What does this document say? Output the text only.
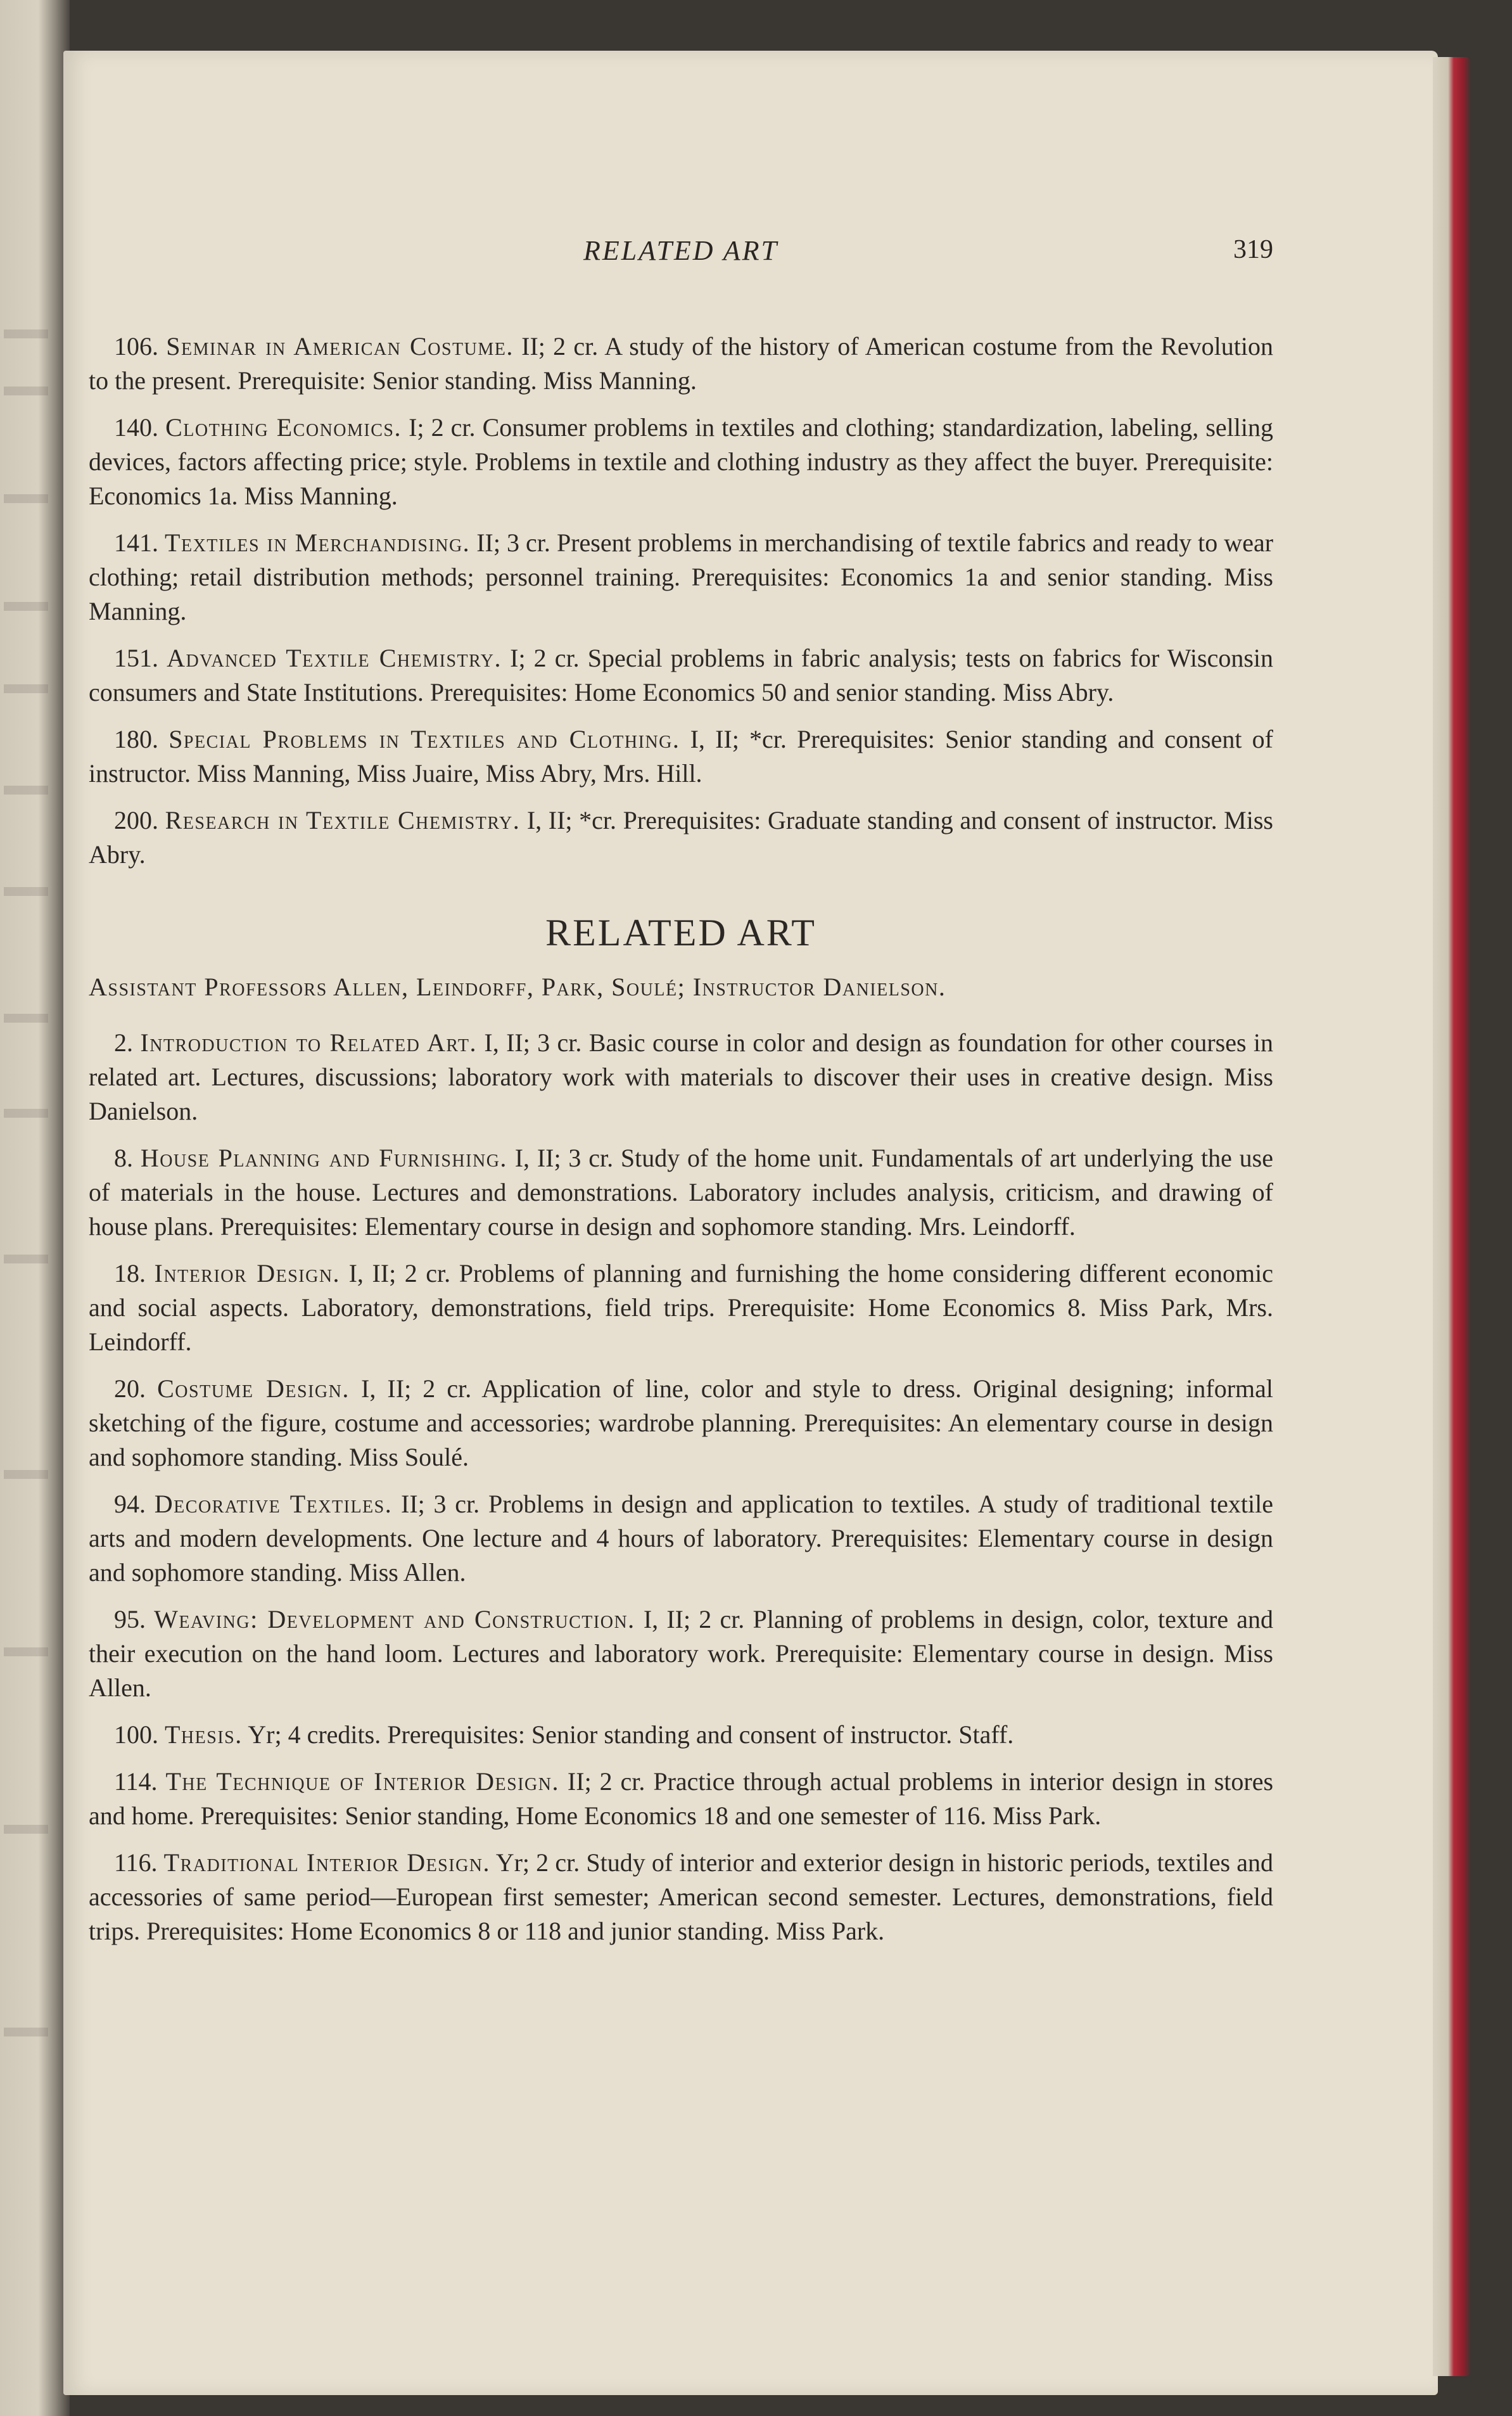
RELATED ART	319

106. Seminar in American Costume. II; 2 cr. A study of the history of American costume from the Revolution to the present. Prerequisite: Senior standing. Miss Manning.

140. Clothing Economics. I; 2 cr. Consumer problems in textiles and clothing; standardization, labeling, selling devices, factors affecting price; style. Problems in textile and clothing industry as they affect the buyer. Prerequisite: Economics 1a. Miss Manning.

141. Textiles in Merchandising. II; 3 cr. Present problems in merchandising of textile fabrics and ready to wear clothing; retail distribution methods; personnel training. Prerequisites: Economics 1a and senior standing. Miss Manning.

151. Advanced Textile Chemistry. I; 2 cr. Special problems in fabric analysis; tests on fabrics for Wisconsin consumers and State Institutions. Prerequisites: Home Economics 50 and senior standing. Miss Abry.

180. Special Problems in Textiles and Clothing. I, II; *cr. Prerequisites: Senior standing and consent of instructor. Miss Manning, Miss Juaire, Miss Abry, Mrs. Hill.

200. Research in Textile Chemistry. I, II; *cr. Prerequisites: Graduate standing and consent of instructor. Miss Abry.

RELATED ART
Assistant Professors Allen, Leindorff, Park, Soulé; Instructor Danielson.

2. Introduction to Related Art. I, II; 3 cr. Basic course in color and design as foundation for other courses in related art. Lectures, discussions; laboratory work with materials to discover their uses in creative design. Miss Danielson.

8. House Planning and Furnishing. I, II; 3 cr. Study of the home unit. Fundamentals of art underlying the use of materials in the house. Lectures and demonstrations. Laboratory includes analysis, criticism, and drawing of house plans. Prerequisites: Elementary course in design and sophomore standing. Mrs. Leindorff.

18. Interior Design. I, II; 2 cr. Problems of planning and furnishing the home considering different economic and social aspects. Laboratory, demonstrations, field trips. Prerequisite: Home Economics 8. Miss Park, Mrs. Leindorff.

20. Costume Design. I, II; 2 cr. Application of line, color and style to dress. Original designing; informal sketching of the figure, costume and accessories; wardrobe planning. Prerequisites: An elementary course in design and sophomore standing. Miss Soulé.

94. Decorative Textiles. II; 3 cr. Problems in design and application to textiles. A study of traditional textile arts and modern developments. One lecture and 4 hours of laboratory. Prerequisites: Elementary course in design and sophomore standing. Miss Allen.

95. Weaving: Development and Construction. I, II; 2 cr. Planning of problems in design, color, texture and their execution on the hand loom. Lectures and laboratory work. Prerequisite: Elementary course in design. Miss Allen.

100. Thesis. Yr; 4 credits. Prerequisites: Senior standing and consent of instructor. Staff.

114. The Technique of Interior Design. II; 2 cr. Practice through actual problems in interior design in stores and home. Prerequisites: Senior standing, Home Economics 18 and one semester of 116. Miss Park.

116. Traditional Interior Design. Yr; 2 cr. Study of interior and exterior design in historic periods, textiles and accessories of same period—European first semester; American second semester. Lectures, demonstrations, field trips. Prerequisites: Home Economics 8 or 118 and junior standing. Miss Park.
